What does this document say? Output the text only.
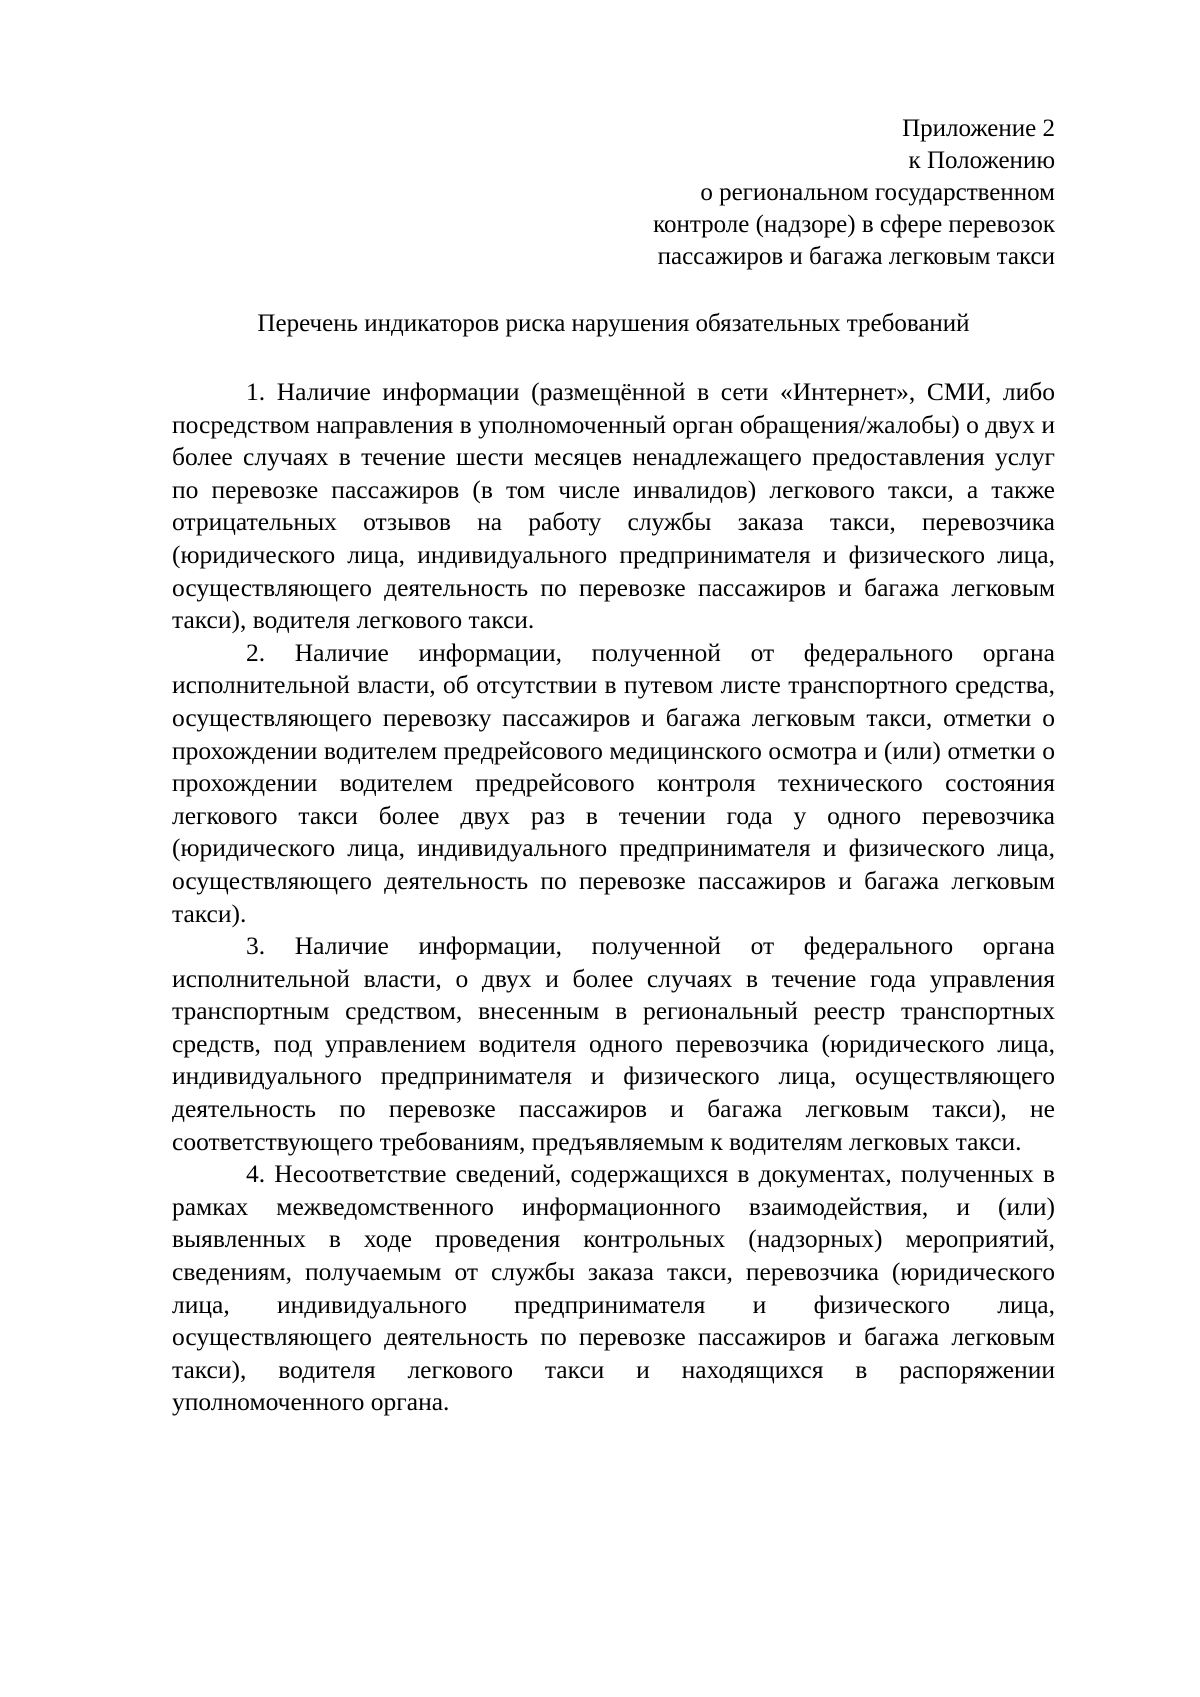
Приложение 2
к Положению
о региональном государственном
контроле (надзоре) в сфере перевозок
пассажиров и багажа легковым такси
Перечень индикаторов риска нарушения обязательных требований

1. Наличие информации (размещённой в сети «Интернет», СМИ, либо посредством направления в уполномоченный орган обращения/жалобы) о двух и более случаях в течение шести месяцев ненадлежащего предоставления услуг по перевозке пассажиров (в том числе инвалидов) легкового такси, а также отрицательных отзывов на работу службы заказа такси, перевозчика (юридического лица, индивидуального предпринимателя и физического лица, осуществляющего деятельность по перевозке пассажиров и багажа легковым такси), водителя легкового такси.

2. Наличие информации, полученной от федерального органа исполнительной власти, об отсутствии в путевом листе транспортного средства, осуществляющего перевозку пассажиров и багажа легковым такси, отметки о прохождении водителем предрейсового медицинского осмотра и (или) отметки о прохождении водителем предрейсового контроля технического состояния легкового такси более двух раз в течении года у одного перевозчика (юридического лица, индивидуального предпринимателя и физического лица, осуществляющего деятельность по перевозке пассажиров и багажа легковым такси).

3. Наличие информации, полученной от федерального органа исполнительной власти, о двух и более случаях в течение года управления транспортным средством, внесенным в региональный реестр транспортных средств, под управлением водителя одного перевозчика (юридического лица, индивидуального предпринимателя и физического лица, осуществляющего деятельность по перевозке пассажиров и багажа легковым такси), не соответствующего требованиям, предъявляемым к водителям легковых такси.

4. Несоответствие сведений, содержащихся в документах, полученных в рамках межведомственного информационного взаимодействия, и (или) выявленных в ходе проведения контрольных (надзорных) мероприятий, сведениям, получаемым от службы заказа такси, перевозчика (юридического лица, индивидуального предпринимателя и физического лица, осуществляющего деятельность по перевозке пассажиров и багажа легковым такси), водителя легкового такси и находящихся в распоряжении уполномоченного органа.
